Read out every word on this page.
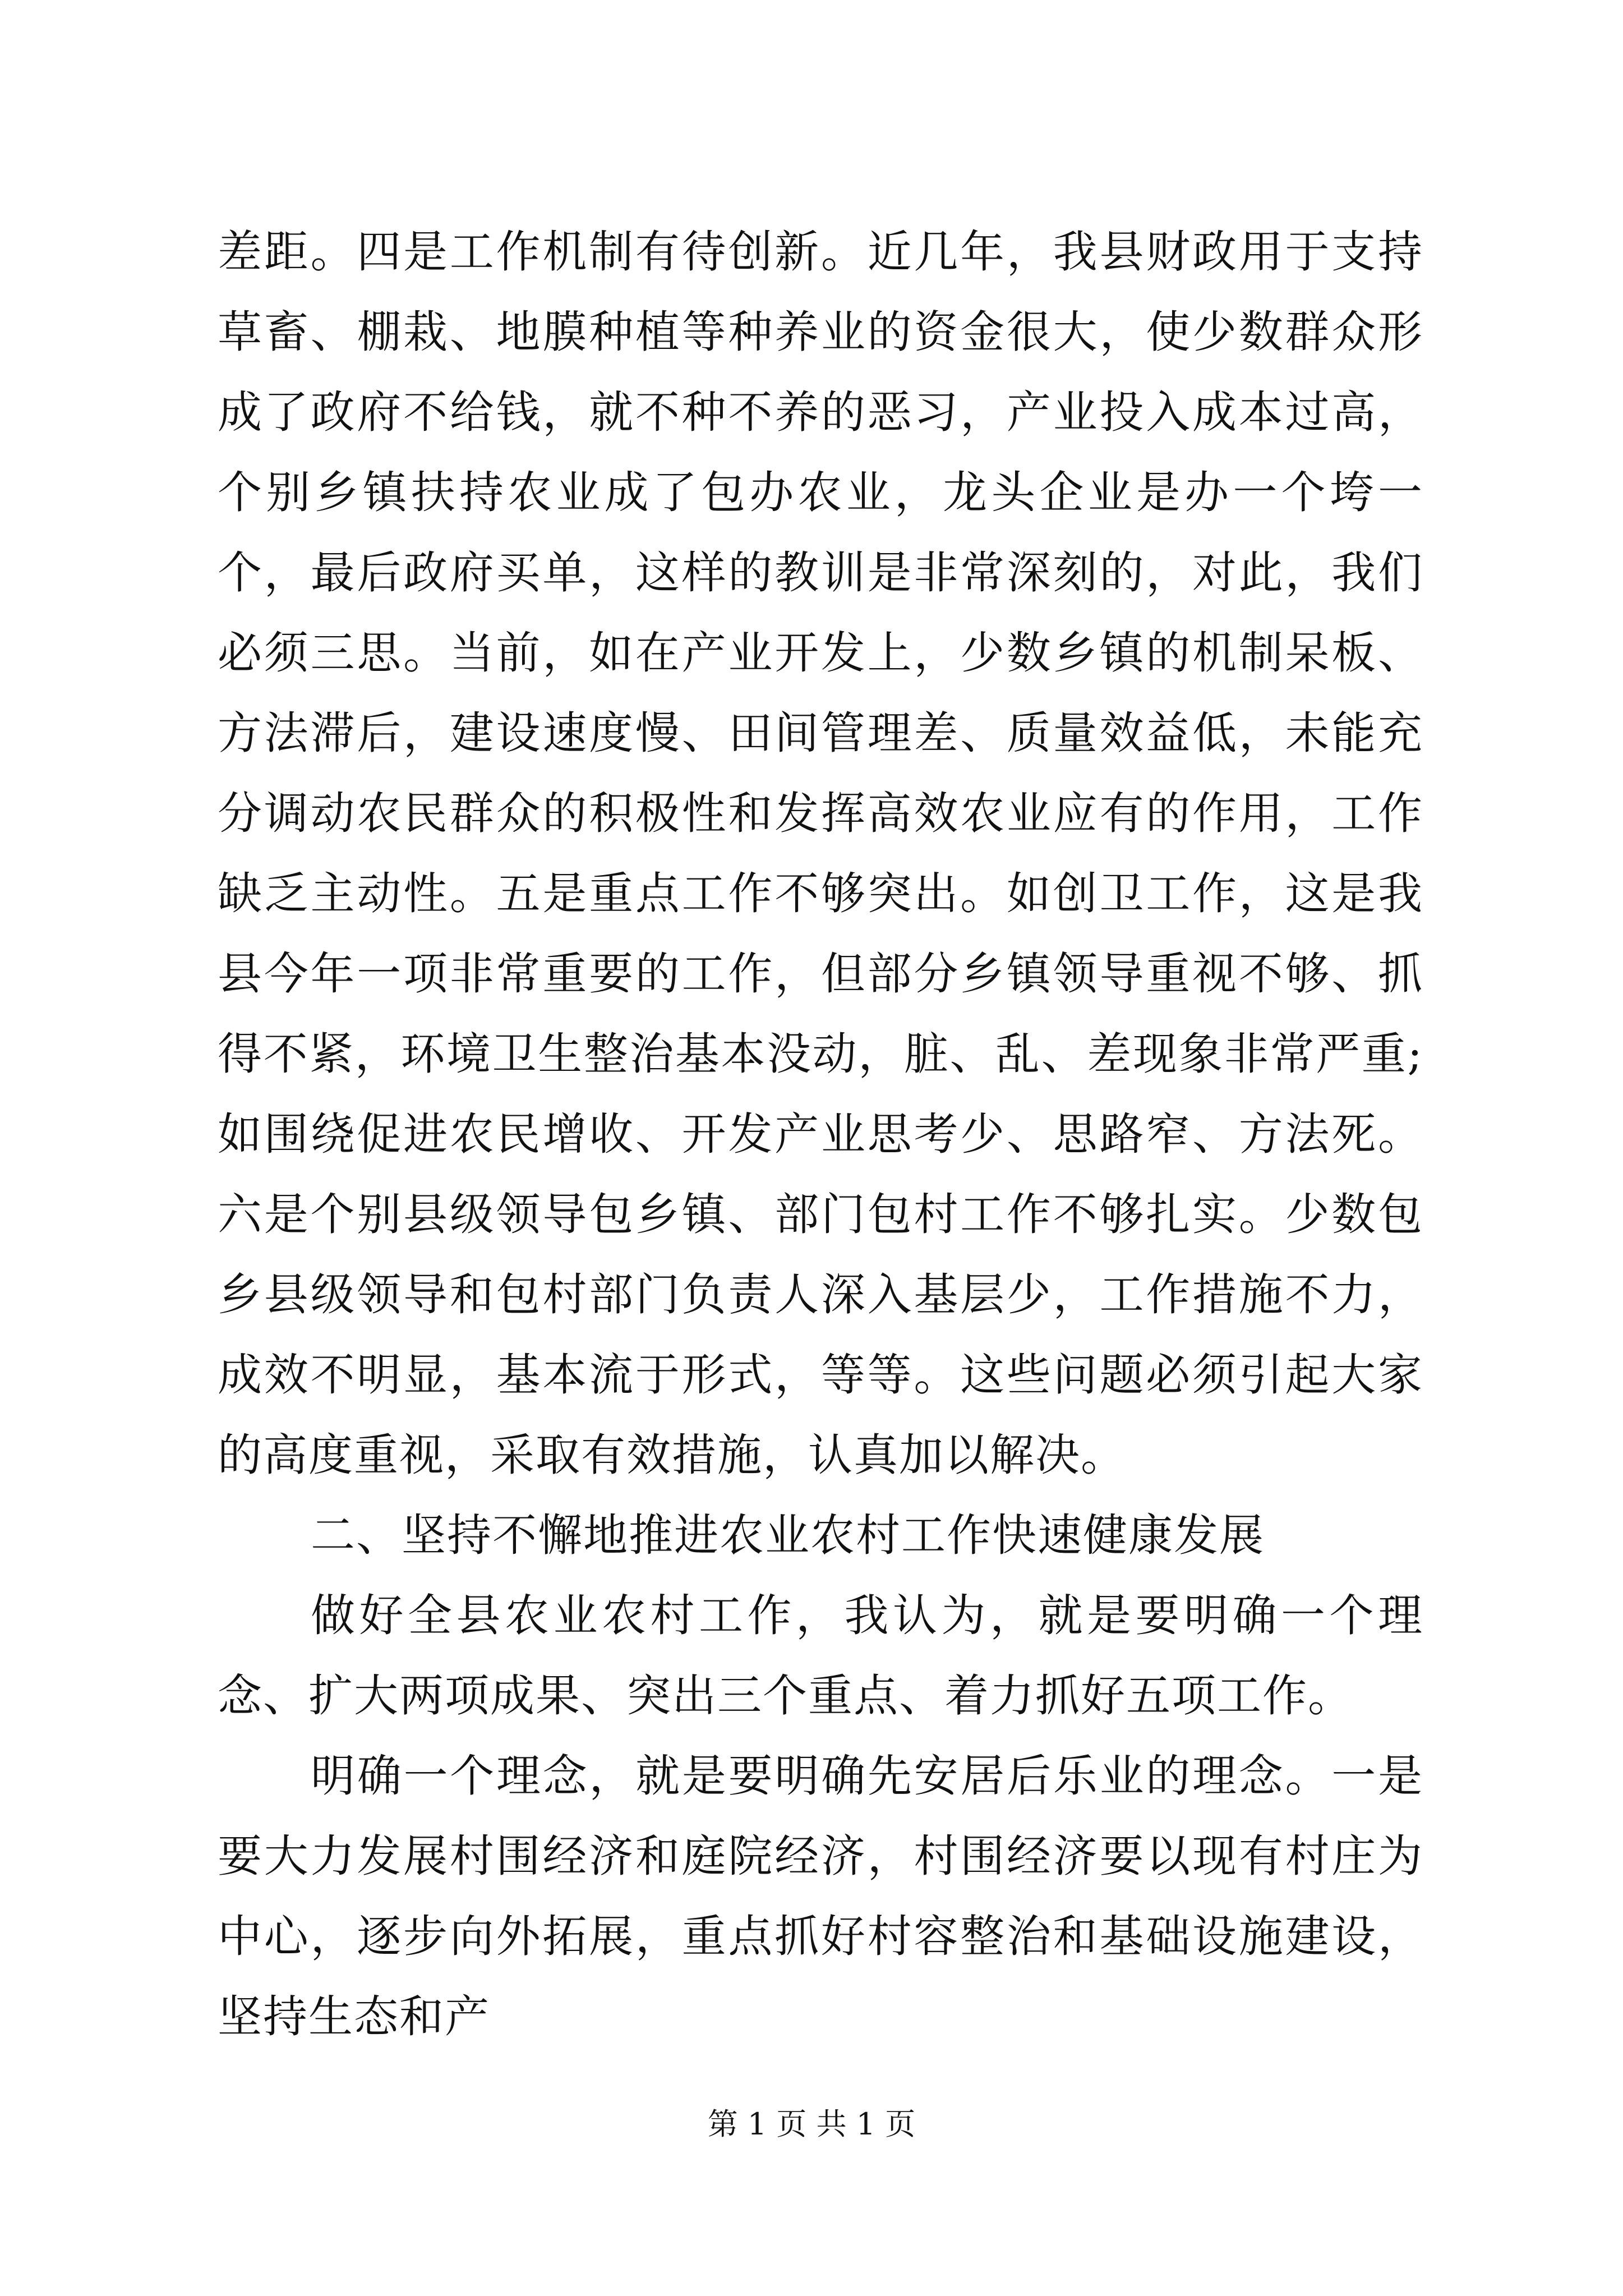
差距。四是工作机制有待创新。近几年，我县财政用于支持草畜、棚栽、地膜种植等种养业的资金很大，使少数群众形成了政府不给钱，就不种不养的恶习，产业投入成本过高，个别乡镇扶持农业成了包办农业，龙头企业是办一个垮一个，最后政府买单，这样的教训是非常深刻的，对此，我们必须三思。当前，如在产业开发上，少数乡镇的机制呆板、方法滞后，建设速度慢、田间管理差、质量效益低，未能充分调动农民群众的积极性和发挥高效农业应有的作用，工作缺乏主动性。五是重点工作不够突出。如创卫工作，这是我县今年一项非常重要的工作，但部分乡镇领导重视不够、抓得不紧，环境卫生整治基本没动，脏、乱、差现象非常严重;如围绕促进农民增收、开发产业思考少、思路窄、方法死。六是个别县级领导包乡镇、部门包村工作不够扎实。少数包乡县级领导和包村部门负责人深入基层少，工作措施不力，成效不明显，基本流于形式，等等。这些问题必须引起大家的高度重视，采取有效措施，认真加以解决。

二、坚持不懈地推进农业农村工作快速健康发展

做好全县农业农村工作，我认为，就是要明确一个理念、扩大两项成果、突出三个重点、着力抓好五项工作。

明确一个理念，就是要明确先安居后乐业的理念。一是要大力发展村围经济和庭院经济，村围经济要以现有村庄为中心，逐步向外拓展，重点抓好村容整治和基础设施建设，坚持生态和产

第 1 页 共 1 页
